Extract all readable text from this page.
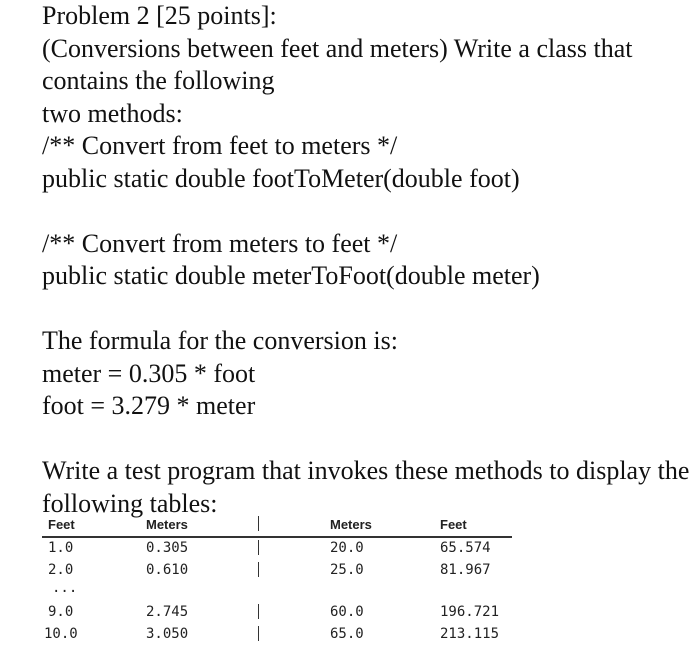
Problem 2 [25 points]:
(Conversions between feet and meters) Write a class that
contains the following
two methods:
/** Convert from feet to meters */
public static double footToMeter(double foot)
/** Convert from meters to feet */
public static double meterToFoot(double meter)
The formula for the conversion is:
meter = 0.305 * foot
foot = 3.279 * meter
Write a test program that invokes these methods to display the
following tables:
Feet	Meters	Meters	Feet
1.0	0.305	20.0	65.574
2.0	0.610	25.0	81.967
...
9.0	2.745	60.0	196.721
10.0	3.050	65.0	213.115
